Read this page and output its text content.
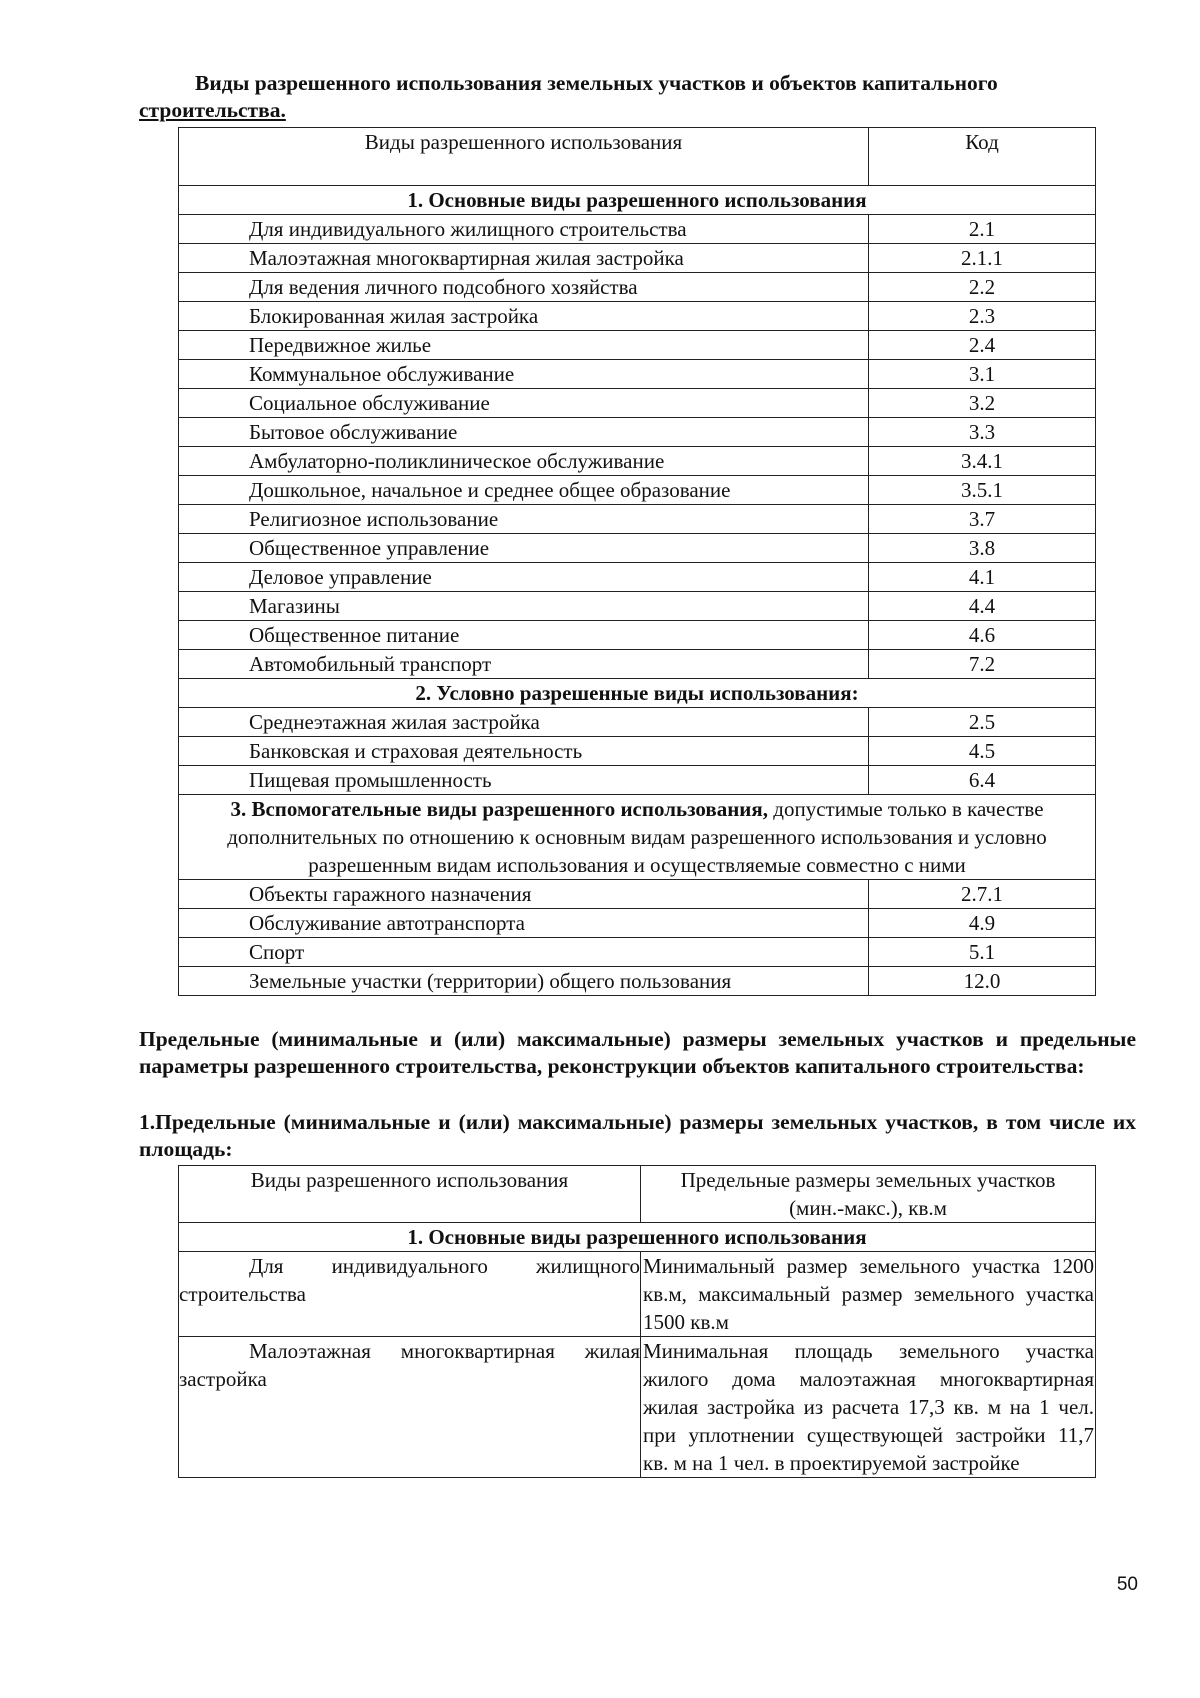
Виды разрешенного использования земельных участков и объектов капитального
строительства.
Виды разрешенного использования	Код
1. Основные виды разрешенного использования	
Для индивидуального жилищного строительства	2.1
Малоэтажная многоквартирная жилая застройка	2.1.1
Для ведения личного подсобного хозяйства	2.2
Блокированная жилая застройка	2.3
Передвижное жилье	2.4
Коммунальное обслуживание	3.1
Социальное обслуживание	3.2
Бытовое обслуживание	3.3
Амбулаторно-поликлиническое обслуживание	3.4.1
Дошкольное, начальное и среднее общее образование	3.5.1
Религиозное использование	3.7
Общественное управление	3.8
Деловое управление	4.1
Магазины	4.4
Общественное питание	4.6
Автомобильный транспорт	7.2
2. Условно разрешенные виды использования:	
Среднеэтажная жилая застройка	2.5
Банковская и страховая деятельность	4.5
Пищевая промышленность	6.4
3. Вспомогательные виды разрешенного использования, допустимые только в качестве дополнительных по отношению к основным видам разрешенного использования и условно разрешенным видам использования и осуществляемые совместно с ними	
Объекты гаражного назначения	2.7.1
Обслуживание автотранспорта	4.9
Спорт	5.1
Земельные участки (территории) общего пользования	12.0

Предельные (минимальные и (или) максимальные) размеры земельных участков и предельные параметры разрешенного строительства, реконструкции объектов капитального строительства:

1.Предельные (минимальные и (или) максимальные) размеры земельных участков, в том числе их площадь:

Виды разрешенного использования	Предельные размеры земельных участков (мин.-макс.), кв.м
1. Основные виды разрешенного использования	
Для индивидуального жилищного строительства	Минимальный размер земельного участка 1200 кв.м, максимальный размер земельного участка 1500 кв.м
Малоэтажная многоквартирная жилая застройка	Минимальная площадь земельного участка жилого дома малоэтажная многоквартирная жилая застройка из расчета 17,3 кв. м на 1 чел. при уплотнении существующей застройки 11,7 кв. м на 1 чел. в проектируемой застройке
50
